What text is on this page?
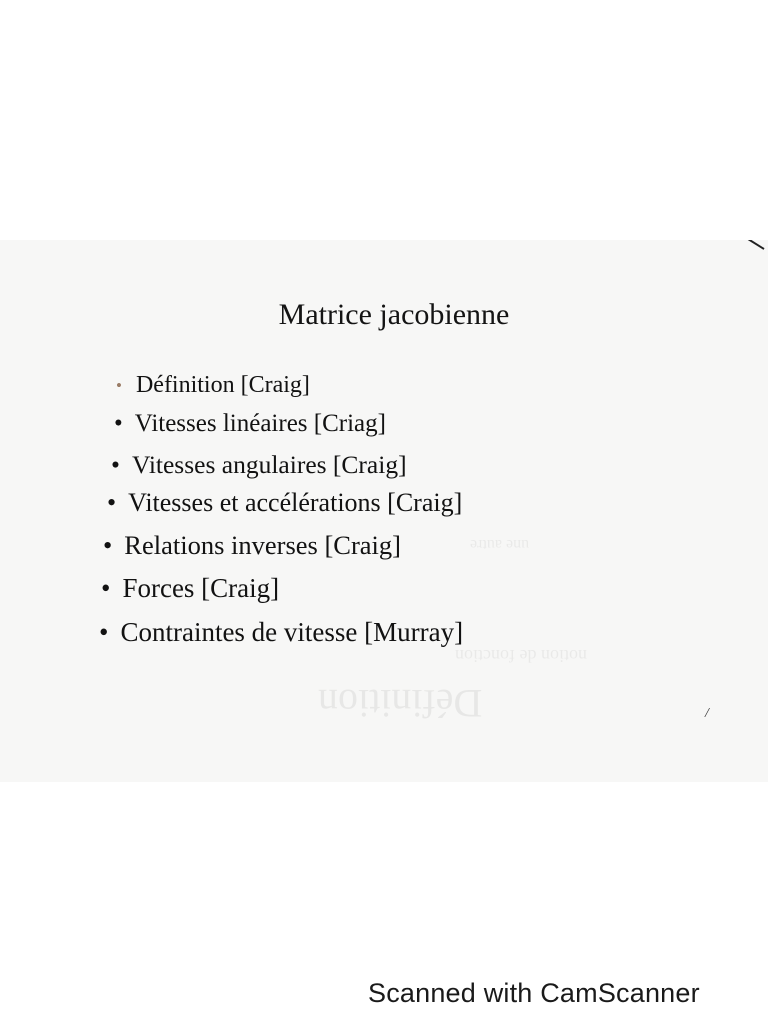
Définition
notion de fonction
une autre
Matrice jacobienne
• Définition [Craig]
• Vitesses linéaires [Criag]
• Vitesses angulaires [Craig]
• Vitesses et accélérations [Craig]
• Relations inverses [Craig]
• Forces [Craig]
• Contraintes de vitesse [Murray]
/
Scanned with CamScanner
